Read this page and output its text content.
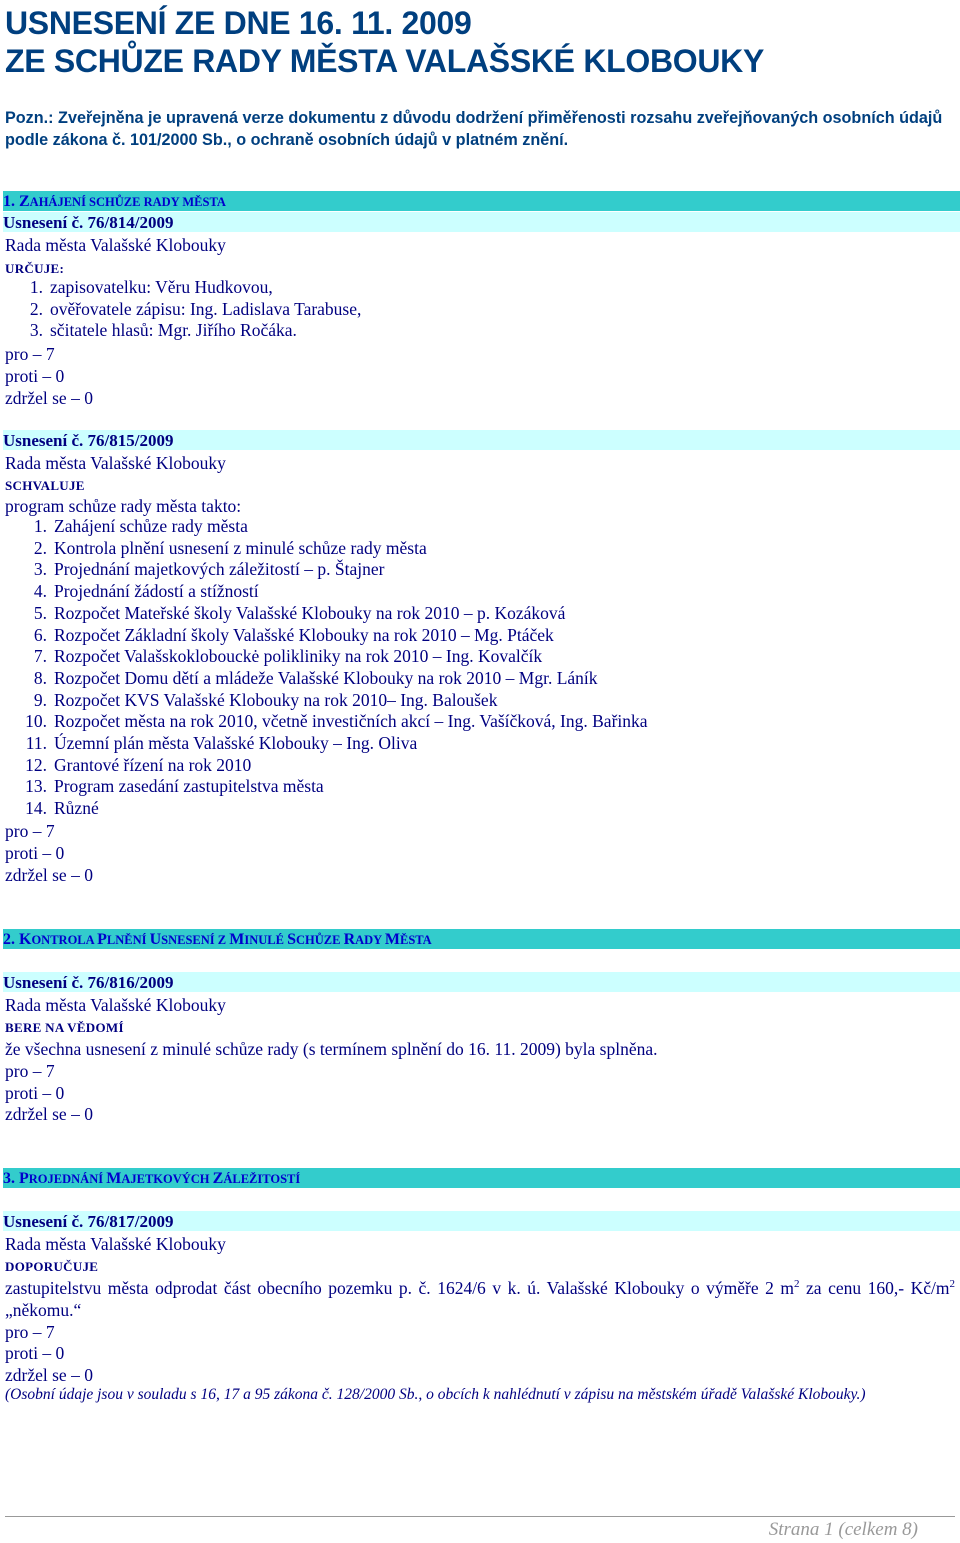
USNESENÍ ZE DNE 16. 11. 2009
ZE SCHŮZE RADY MĚSTA VALAŠSKÉ KLOBOUKY
Pozn.: Zveřejněna je upravená verze dokumentu z důvodu dodržení přiměřenosti rozsahu zveřejňovaných osobních údajů podle zákona č. 101/2000 Sb., o ochraně osobních údajů v platném znění.
1. ZAHÁJENÍ SCHŮZE RADY MĚSTA
Usnesení č. 76/814/2009
Rada města Valašské Klobouky
URČUJE:
1. zapisovatelku: Věru Hudkovou,
2. ověřovatele zápisu: Ing. Ladislava Tarabuse,
3. sčitatele hlasů: Mgr. Jiřího Ročáka.
pro – 7
proti – 0
zdržel se – 0
Usnesení č. 76/815/2009
Rada města Valašské Klobouky
SCHVALUJE
program schůze rady města takto:
1. Zahájení schůze rady města
2. Kontrola plnění usnesení z minulé schůze rady města
3. Projednání majetkových záležitostí – p. Štajner
4. Projednání žádostí a stížností
5. Rozpočet Mateřské školy Valašské Klobouky na rok 2010 – p. Kozáková
6. Rozpočet Základní školy Valašské Klobouky na rok 2010 – Mg. Ptáček
7. Rozpočet Valašskoklobouckė polikliniky na rok 2010 – Ing. Kovalčík
8. Rozpočet Domu dětí a mládeže Valašské Klobouky na rok 2010 – Mgr. Láník
9. Rozpočet KVS Valašské Klobouky na rok 2010– Ing. Baloušek
10. Rozpočet města na rok 2010, včetně investičních akcí – Ing. Vašíčková, Ing. Bařinka
11. Územní plán města Valašské Klobouky – Ing. Oliva
12. Grantové řízení na rok 2010
13. Program zasedání zastupitelstva města
14. Různé
pro – 7
proti – 0
zdržel se – 0
2. KONTROLA PLNĚNÍ USNESENÍ Z MINULÉ SCHŮZE RADY MĚSTA
Usnesení č. 76/816/2009
Rada města Valašské Klobouky
BERE NA VĚDOMÍ
že všechna usnesení z minulé schůze rady (s termínem splnění do 16. 11. 2009) byla splněna.
pro – 7
proti – 0
zdržel se – 0
3. PROJEDNÁNÍ MAJETKOVÝCH ZÁLEŽITOSTÍ
Usnesení č. 76/817/2009
Rada města Valašské Klobouky
DOPORUČUJE
zastupitelstvu města odprodat část obecního pozemku p. č. 1624/6 v k. ú. Valašské Klobouky o výměře 2 $m^2$ za cenu 160,- $Kč/m^2$ „někomu.“
pro – 7
proti – 0
zdržel se – 0
(Osobní údaje jsou v souladu s 16, 17 a 95 zákona č. 128/2000 Sb., o obcích k nahlédnutí v zápisu na městském úřadě Valašské Klobouky.)
Strana 1 (celkem 8)
